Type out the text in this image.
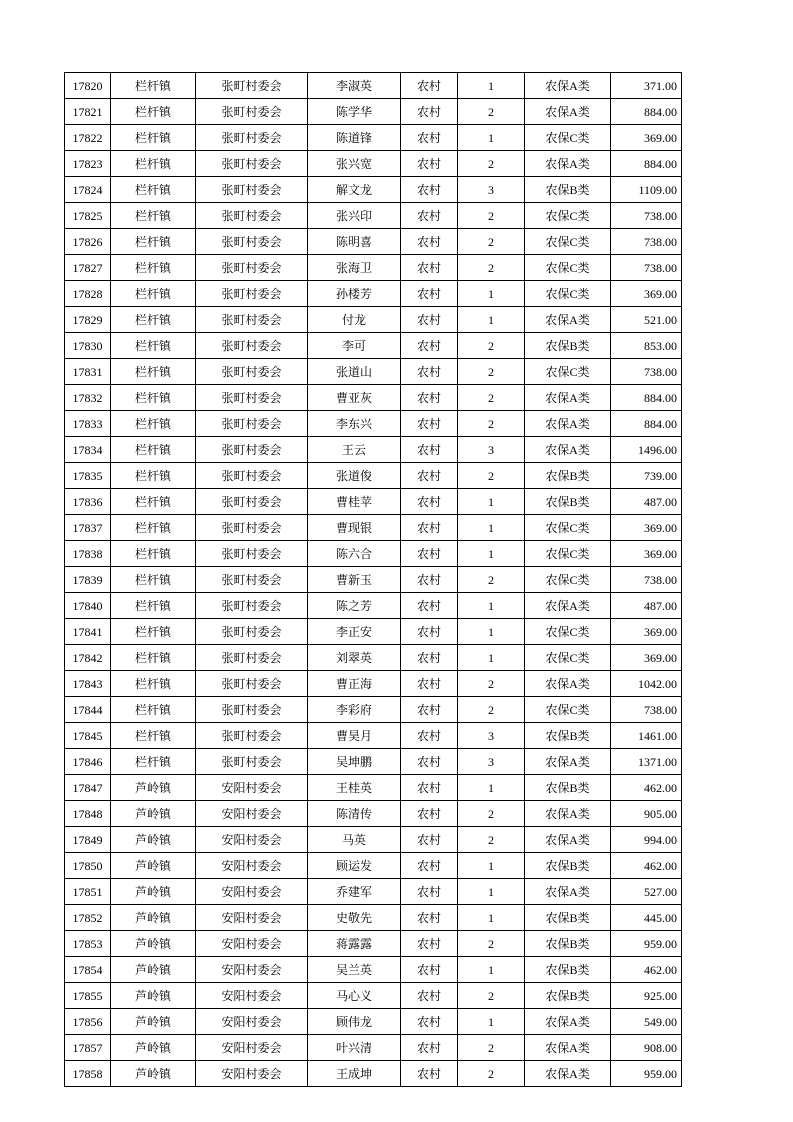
17820	栏杆镇	张町村委会	李淑英	农村	1	农保A类	371.00
17821	栏杆镇	张町村委会	陈学华	农村	2	农保A类	884.00
17822	栏杆镇	张町村委会	陈道锋	农村	1	农保C类	369.00
17823	栏杆镇	张町村委会	张兴宽	农村	2	农保A类	884.00
17824	栏杆镇	张町村委会	解文龙	农村	3	农保B类	1109.00
17825	栏杆镇	张町村委会	张兴印	农村	2	农保C类	738.00
17826	栏杆镇	张町村委会	陈明喜	农村	2	农保C类	738.00
17827	栏杆镇	张町村委会	张海卫	农村	2	农保C类	738.00
17828	栏杆镇	张町村委会	孙楼芳	农村	1	农保C类	369.00
17829	栏杆镇	张町村委会	付龙	农村	1	农保A类	521.00
17830	栏杆镇	张町村委会	李可	农村	2	农保B类	853.00
17831	栏杆镇	张町村委会	张道山	农村	2	农保C类	738.00
17832	栏杆镇	张町村委会	曹亚灰	农村	2	农保A类	884.00
17833	栏杆镇	张町村委会	李东兴	农村	2	农保A类	884.00
17834	栏杆镇	张町村委会	王云	农村	3	农保A类	1496.00
17835	栏杆镇	张町村委会	张道俊	农村	2	农保B类	739.00
17836	栏杆镇	张町村委会	曹桂苹	农村	1	农保B类	487.00
17837	栏杆镇	张町村委会	曹现银	农村	1	农保C类	369.00
17838	栏杆镇	张町村委会	陈六合	农村	1	农保C类	369.00
17839	栏杆镇	张町村委会	曹新玉	农村	2	农保C类	738.00
17840	栏杆镇	张町村委会	陈之芳	农村	1	农保A类	487.00
17841	栏杆镇	张町村委会	李正安	农村	1	农保C类	369.00
17842	栏杆镇	张町村委会	刘翠英	农村	1	农保C类	369.00
17843	栏杆镇	张町村委会	曹正海	农村	2	农保A类	1042.00
17844	栏杆镇	张町村委会	李彩府	农村	2	农保C类	738.00
17845	栏杆镇	张町村委会	曹昊月	农村	3	农保B类	1461.00
17846	栏杆镇	张町村委会	吴坤鹏	农村	3	农保A类	1371.00
17847	芦岭镇	安阳村委会	王桂英	农村	1	农保B类	462.00
17848	芦岭镇	安阳村委会	陈清传	农村	2	农保A类	905.00
17849	芦岭镇	安阳村委会	马英	农村	2	农保A类	994.00
17850	芦岭镇	安阳村委会	顾运发	农村	1	农保B类	462.00
17851	芦岭镇	安阳村委会	乔建军	农村	1	农保A类	527.00
17852	芦岭镇	安阳村委会	史敬先	农村	1	农保B类	445.00
17853	芦岭镇	安阳村委会	蒋露露	农村	2	农保B类	959.00
17854	芦岭镇	安阳村委会	吴兰英	农村	1	农保B类	462.00
17855	芦岭镇	安阳村委会	马心义	农村	2	农保B类	925.00
17856	芦岭镇	安阳村委会	顾伟龙	农村	1	农保A类	549.00
17857	芦岭镇	安阳村委会	叶兴清	农村	2	农保A类	908.00
17858	芦岭镇	安阳村委会	王成坤	农村	2	农保A类	959.00
